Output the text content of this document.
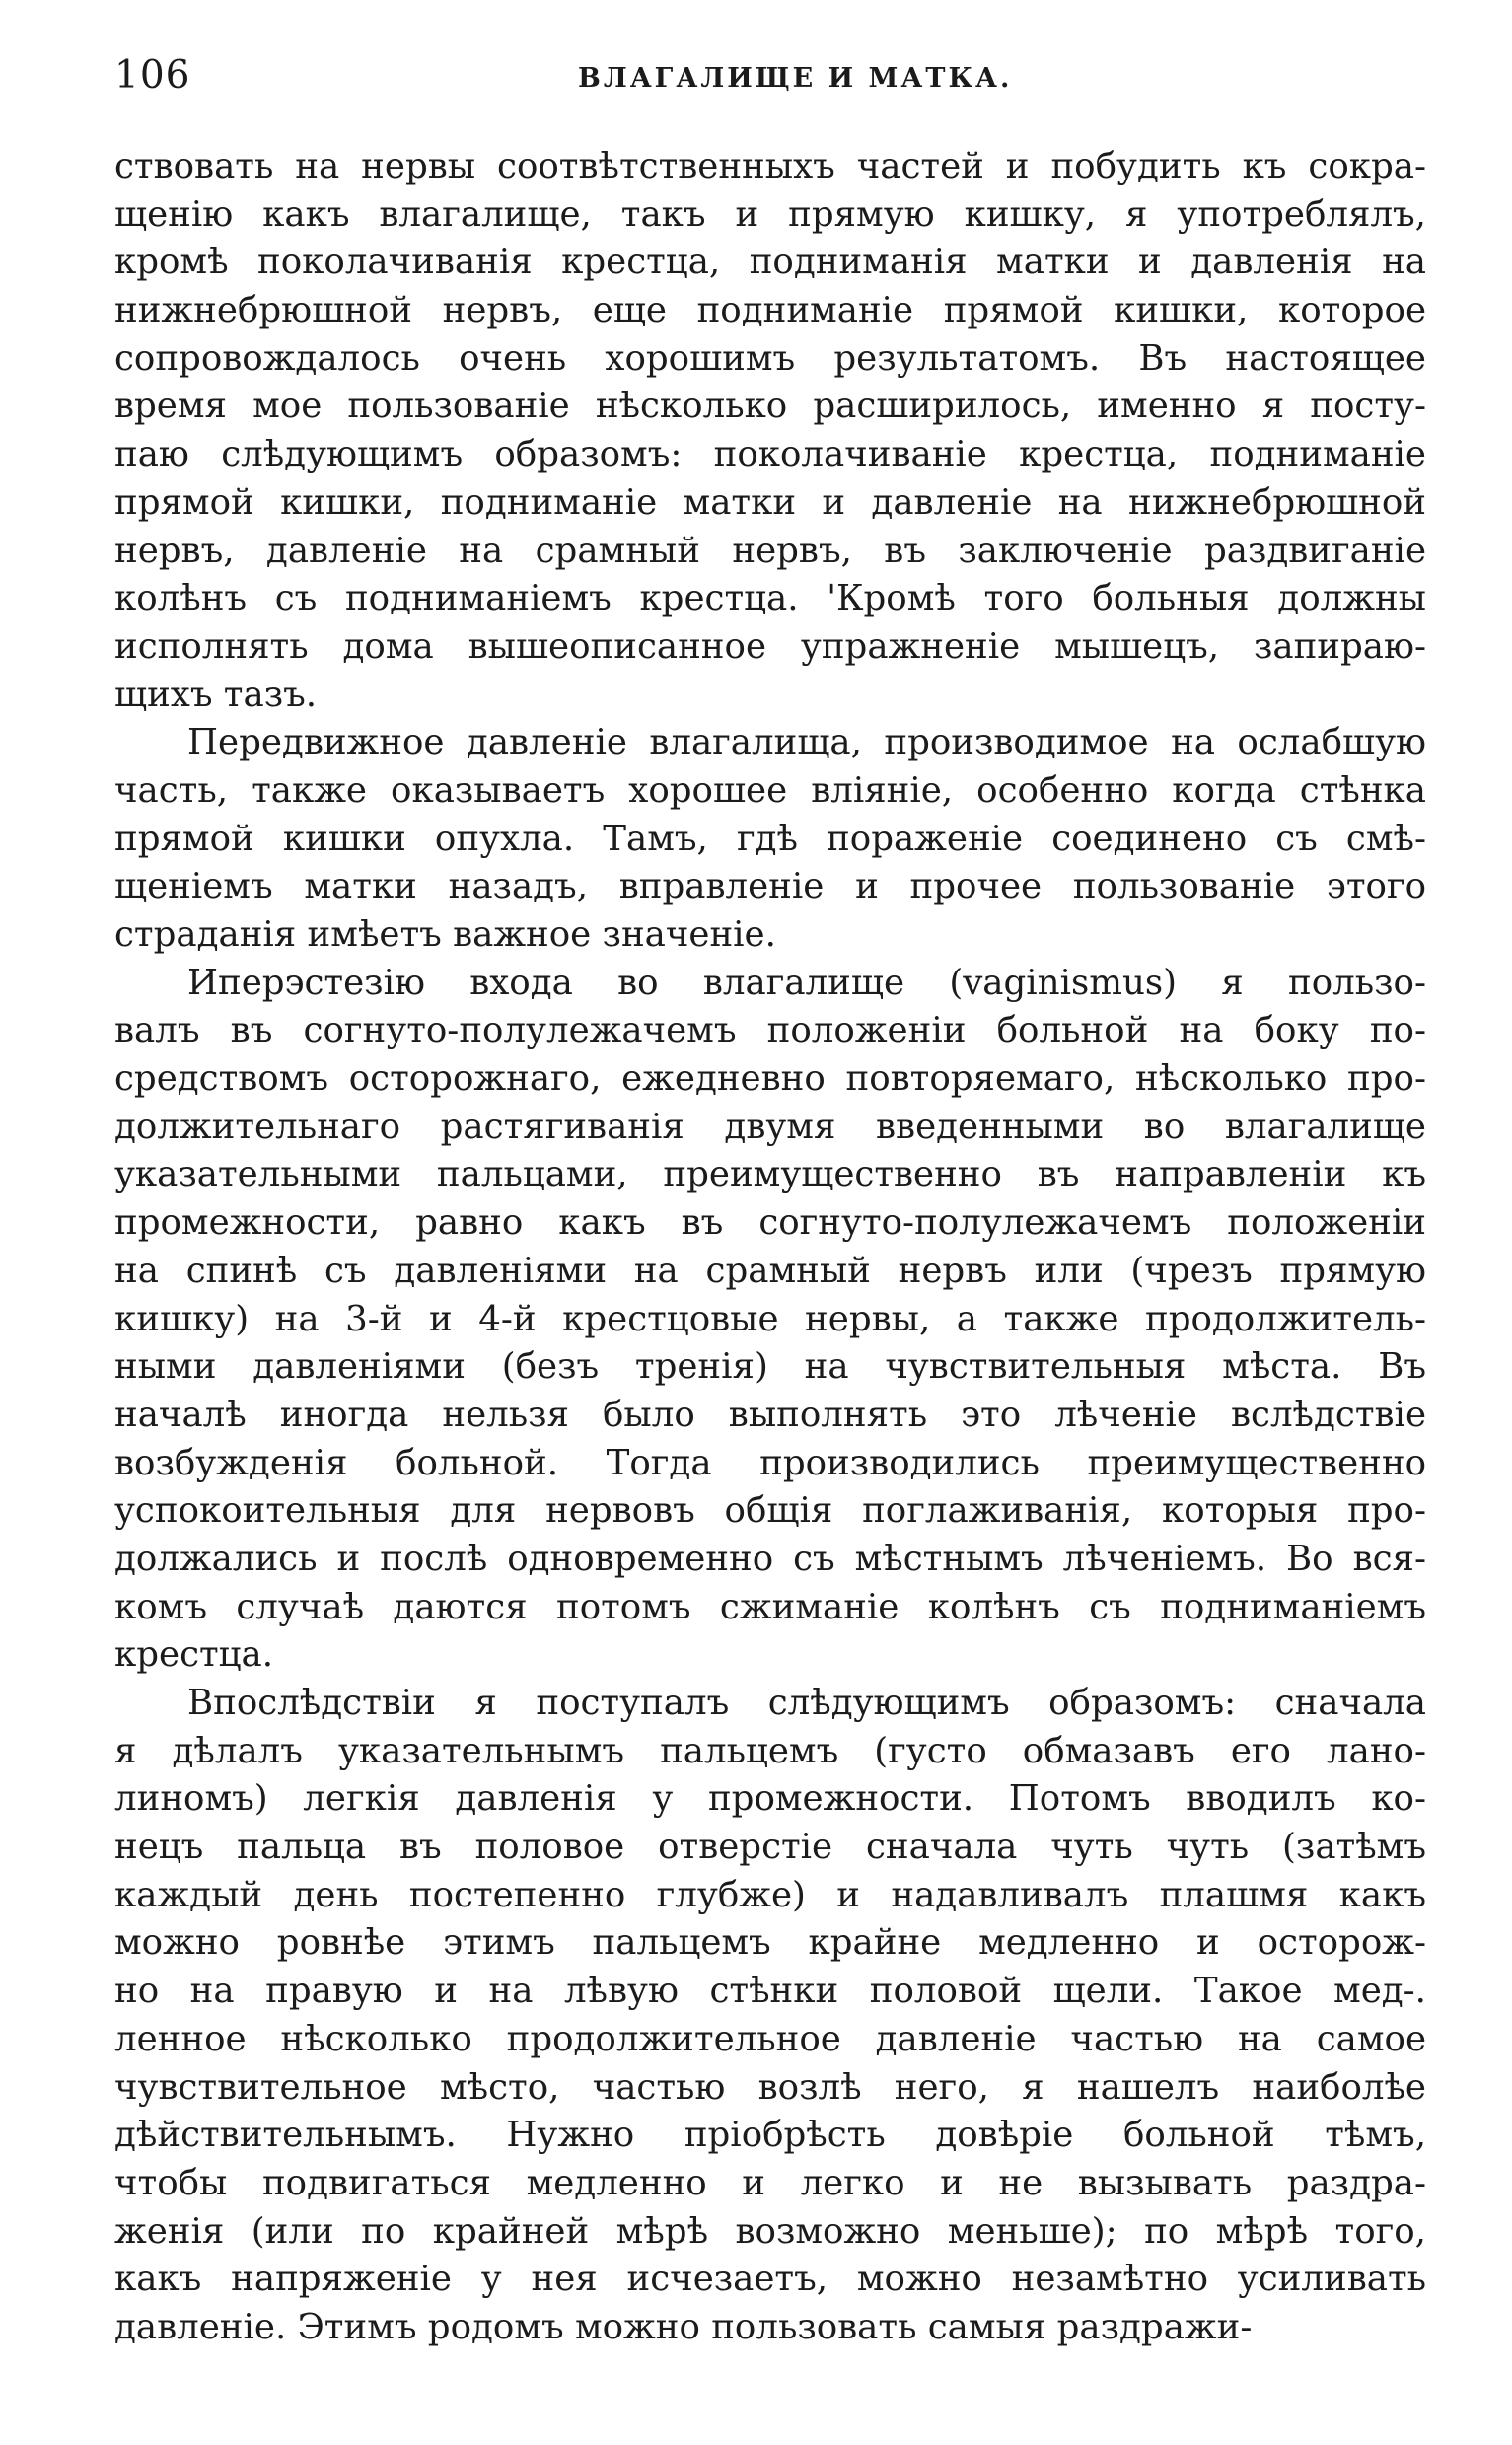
106	ВЛАГАЛИЩЕ И МАТКА.
ствовать на нервы соотвѣтственныхъ частей и побудить къ сокра-
щенію какъ влагалище, такъ и прямую кишку, я употреблялъ,
кромѣ поколачиванія крестца, подниманія матки и давленія на
нижнебрюшной нервъ, еще подниманіе прямой кишки, которое
сопровождалось очень хорошимъ результатомъ. Въ настоящее
время мое пользованіе нѣсколько расширилось, именно я посту-
паю слѣдующимъ образомъ: поколачиваніе крестца, подниманіе
прямой кишки, подниманіе матки и давленіе на нижнебрюшной
нервъ, давленіе на срамный нервъ, въ заключеніе раздвиганіе
колѣнъ съ подниманіемъ крестца. 'Кромѣ того больныя должны
исполнять дома вышеописанное упражненіе мышецъ, запираю-
щихъ тазъ.
Передвижное давленіе влагалища, производимое на ослабшую
часть, также оказываетъ хорошее вліяніе, особенно когда стѣнка
прямой кишки опухла. Тамъ, гдѣ пораженіе соединено съ смѣ-
щеніемъ матки назадъ, вправленіе и прочее пользованіе этого
страданія имѣетъ важное значеніе.
Иперэстезію входа во влагалище (vaginismus) я пользо-
валъ въ согнуто-полулежачемъ положеніи больной на боку по-
средствомъ осторожнаго, ежедневно повторяемаго, нѣсколько про-
должительнаго растягиванія двумя введенными во влагалище
указательными пальцами, преимущественно въ направленіи къ
промежности, равно какъ въ согнуто-полулежачемъ положеніи
на спинѣ съ давленіями на срамный нервъ или (чрезъ прямую
кишку) на 3-й и 4-й крестцовые нервы, а также продолжитель-
ными давленіями (безъ тренія) на чувствительныя мѣста. Въ
началѣ иногда нельзя было выполнять это лѣченіе вслѣдствіе
возбужденія больной. Тогда производились преимущественно
успокоительныя для нервовъ общія поглаживанія, которыя про-
должались и послѣ одновременно съ мѣстнымъ лѣченіемъ. Во вся-
комъ случаѣ даются потомъ сжиманіе колѣнъ съ подниманіемъ
крестца.
Впослѣдствіи я поступалъ слѣдующимъ образомъ: сначала
я дѣлалъ указательнымъ пальцемъ (густо обмазавъ его лано-
линомъ) легкія давленія у промежности. Потомъ вводилъ ко-
нецъ пальца въ половое отверстіе сначала чуть чуть (затѣмъ
каждый день постепенно глубже) и надавливалъ плашмя какъ
можно ровнѣе этимъ пальцемъ крайне медленно и осторож-
но на правую и на лѣвую стѣнки половой щели. Такое мед-.
ленное нѣсколько продолжительное давленіе частью на самое
чувствительное мѣсто, частью возлѣ него, я нашелъ наиболѣе
дѣйствительнымъ. Нужно пріобрѣсть довѣріе больной тѣмъ,
чтобы подвигаться медленно и легко и не вызывать раздра-
женія (или по крайней мѣрѣ возможно меньше); по мѣрѣ того,
какъ напряженіе у нея исчезаетъ, можно незамѣтно усиливать
давленіе. Этимъ родомъ можно пользовать самыя раздражи-
